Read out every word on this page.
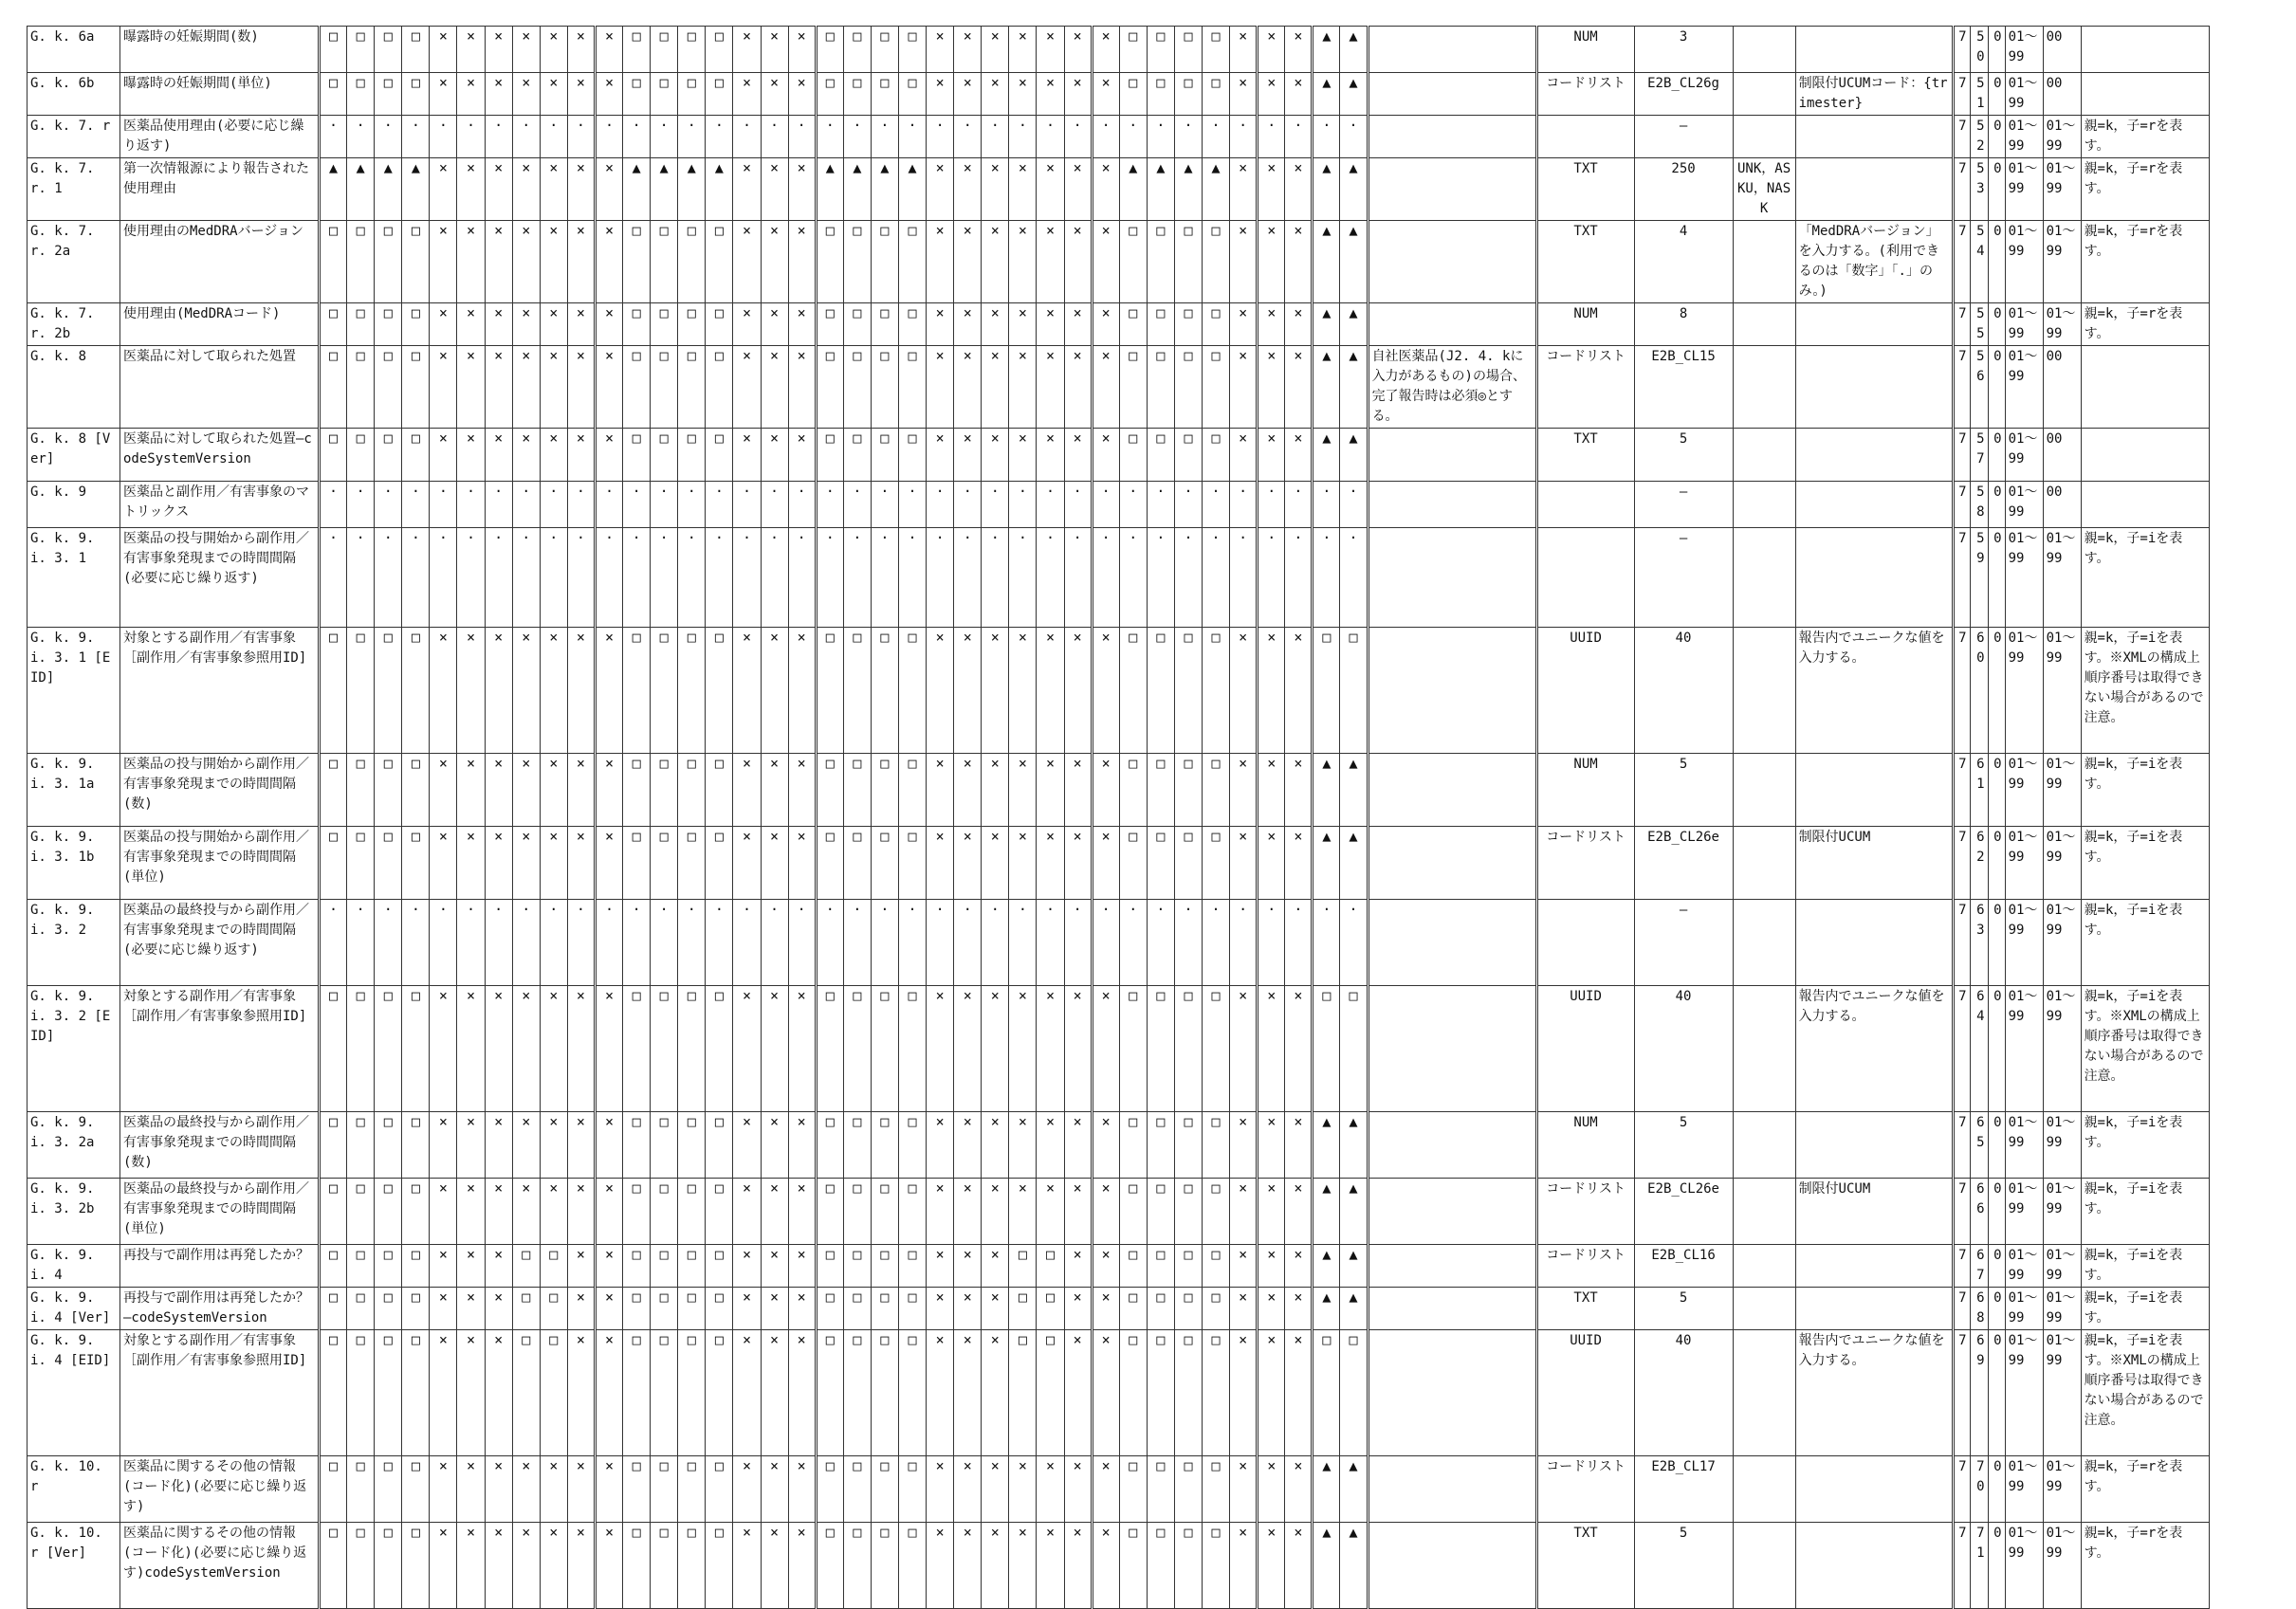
G. k. 6a	曝露時の妊娠期間(数)	□	□	□	□	×	×	×	×	×	×	×	□	□	□	□	×	×	×	□	□	□	□	×	×	×	×	×	×	×	□	□	□	□	×	×	×	▲	▲		NUM	3			7	50	0	01～99	00	
G. k. 6b	曝露時の妊娠期間(単位)	□	□	□	□	×	×	×	×	×	×	×	□	□	□	□	×	×	×	□	□	□	□	×	×	×	×	×	×	×	□	□	□	□	×	×	×	▲	▲		コードリスト	E2B_CL26g		制限付UCUMコード：{trimester}	7	51	0	01～99	00	
G. k. 7. r	医薬品使用理由(必要に応じ繰り返す)	·	·	·	·	·	·	·	·	·	·	·	·	·	·	·	·	·	·	·	·	·	·	·	·	·	·	·	·	·	·	·	·	·	·	·	·	·	·			—			7	52	0	01～99	01～99	親=k，子=rを表す。
G. k. 7. r. 1	第一次情報源により報告された使用理由	▲	▲	▲	▲	×	×	×	×	×	×	×	▲	▲	▲	▲	×	×	×	▲	▲	▲	▲	×	×	×	×	×	×	×	▲	▲	▲	▲	×	×	×	▲	▲		TXT	250	UNK，ASKU，NASK		7	53	0	01～99	01～99	親=k，子=rを表す。
G. k. 7. r. 2a	使用理由のMedDRAバージョン	□	□	□	□	×	×	×	×	×	×	×	□	□	□	□	×	×	×	□	□	□	□	×	×	×	×	×	×	×	□	□	□	□	×	×	×	▲	▲		TXT	4		「MedDRAバージョン」を入力する。(利用できるのは「数字」「.」のみ。)	7	54	0	01～99	01～99	親=k，子=rを表す。
G. k. 7. r. 2b	使用理由(MedDRAコード)	□	□	□	□	×	×	×	×	×	×	×	□	□	□	□	×	×	×	□	□	□	□	×	×	×	×	×	×	×	□	□	□	□	×	×	×	▲	▲		NUM	8			7	55	0	01～99	01～99	親=k，子=rを表す。
G. k. 8	医薬品に対して取られた処置	□	□	□	□	×	×	×	×	×	×	×	□	□	□	□	×	×	×	□	□	□	□	×	×	×	×	×	×	×	□	□	□	□	×	×	×	▲	▲	自社医薬品(J2. 4. kに入力があるもの)の場合、完了報告時は必須◎とする。	コードリスト	E2B_CL15			7	56	0	01～99	00	
G. k. 8 [Ver]	医薬品に対して取られた処置—codeSystemVersion	□	□	□	□	×	×	×	×	×	×	×	□	□	□	□	×	×	×	□	□	□	□	×	×	×	×	×	×	×	□	□	□	□	×	×	×	▲	▲		TXT	5			7	57	0	01～99	00	
G. k. 9	医薬品と副作用／有害事象のマトリックス	·	·	·	·	·	·	·	·	·	·	·	·	·	·	·	·	·	·	·	·	·	·	·	·	·	·	·	·	·	·	·	·	·	·	·	·	·	·			—			7	58	0	01～99	00	
G. k. 9. i. 3. 1	医薬品の投与開始から副作用／有害事象発現までの時間間隔(必要に応じ繰り返す)	·	·	·	·	·	·	·	·	·	·	·	·	·	·	·	·	·	·	·	·	·	·	·	·	·	·	·	·	·	·	·	·	·	·	·	·	·	·			—			7	59	0	01～99	01～99	親=k，子=iを表す。
G. k. 9. i. 3. 1 [EID]	対象とする副作用／有害事象［副作用／有害事象参照用ID]	□	□	□	□	×	×	×	×	×	×	×	□	□	□	□	×	×	×	□	□	□	□	×	×	×	×	×	×	×	□	□	□	□	×	×	×	□	□		UUID	40		報告内でユニークな値を入力する。	7	60	0	01～99	01～99	親=k，子=iを表す。※XMLの構成上順序番号は取得できない場合があるので注意。
G. k. 9. i. 3. 1a	医薬品の投与開始から副作用／有害事象発現までの時間間隔(数)	□	□	□	□	×	×	×	×	×	×	×	□	□	□	□	×	×	×	□	□	□	□	×	×	×	×	×	×	×	□	□	□	□	×	×	×	▲	▲		NUM	5			7	61	0	01～99	01～99	親=k，子=iを表す。
G. k. 9. i. 3. 1b	医薬品の投与開始から副作用／有害事象発現までの時間間隔(単位)	□	□	□	□	×	×	×	×	×	×	×	□	□	□	□	×	×	×	□	□	□	□	×	×	×	×	×	×	×	□	□	□	□	×	×	×	▲	▲		コードリスト	E2B_CL26e		制限付UCUM	7	62	0	01～99	01～99	親=k，子=iを表す。
G. k. 9. i. 3. 2	医薬品の最終投与から副作用／有害事象発現までの時間間隔(必要に応じ繰り返す)	·	·	·	·	·	·	·	·	·	·	·	·	·	·	·	·	·	·	·	·	·	·	·	·	·	·	·	·	·	·	·	·	·	·	·	·	·	·			—			7	63	0	01～99	01～99	親=k，子=iを表す。
G. k. 9. i. 3. 2 [EID]	対象とする副作用／有害事象［副作用／有害事象参照用ID]	□	□	□	□	×	×	×	×	×	×	×	□	□	□	□	×	×	×	□	□	□	□	×	×	×	×	×	×	×	□	□	□	□	×	×	×	□	□		UUID	40		報告内でユニークな値を入力する。	7	64	0	01～99	01～99	親=k，子=iを表す。※XMLの構成上順序番号は取得できない場合があるので注意。
G. k. 9. i. 3. 2a	医薬品の最終投与から副作用／有害事象発現までの時間間隔(数)	□	□	□	□	×	×	×	×	×	×	×	□	□	□	□	×	×	×	□	□	□	□	×	×	×	×	×	×	×	□	□	□	□	×	×	×	▲	▲		NUM	5			7	65	0	01～99	01～99	親=k，子=iを表す。
G. k. 9. i. 3. 2b	医薬品の最終投与から副作用／有害事象発現までの時間間隔(単位)	□	□	□	□	×	×	×	×	×	×	×	□	□	□	□	×	×	×	□	□	□	□	×	×	×	×	×	×	×	□	□	□	□	×	×	×	▲	▲		コードリスト	E2B_CL26e		制限付UCUM	7	66	0	01～99	01～99	親=k，子=iを表す。
G. k. 9. i. 4	再投与で副作用は再発したか？	□	□	□	□	×	×	×	□	□	×	×	□	□	□	□	×	×	×	□	□	□	□	×	×	×	□	□	×	×	□	□	□	□	×	×	×	▲	▲		コードリスト	E2B_CL16			7	67	0	01～99	01～99	親=k，子=iを表す。
G. k. 9. i. 4 [Ver]	再投与で副作用は再発したか？—codeSystemVersion	□	□	□	□	×	×	×	□	□	×	×	□	□	□	□	×	×	×	□	□	□	□	×	×	×	□	□	×	×	□	□	□	□	×	×	×	▲	▲		TXT	5			7	68	0	01～99	01～99	親=k，子=iを表す。
G. k. 9. i. 4 [EID]	対象とする副作用／有害事象［副作用／有害事象参照用ID]	□	□	□	□	×	×	×	□	□	×	×	□	□	□	□	×	×	×	□	□	□	□	×	×	×	□	□	×	×	□	□	□	□	×	×	×	□	□		UUID	40		報告内でユニークな値を入力する。	7	69	0	01～99	01～99	親=k，子=iを表す。※XMLの構成上順序番号は取得できない場合があるので注意。
G. k. 10. r	医薬品に関するその他の情報(コード化)(必要に応じ繰り返す)	□	□	□	□	×	×	×	×	×	×	×	□	□	□	□	×	×	×	□	□	□	□	×	×	×	×	×	×	×	□	□	□	□	×	×	×	▲	▲		コードリスト	E2B_CL17			7	70	0	01～99	01～99	親=k，子=rを表す。
G. k. 10. r [Ver]	医薬品に関するその他の情報(コード化)(必要に応じ繰り返す)codeSystemVersion	□	□	□	□	×	×	×	×	×	×	×	□	□	□	□	×	×	×	□	□	□	□	×	×	×	×	×	×	×	□	□	□	□	×	×	×	▲	▲		TXT	5			7	71	0	01～99	01～99	親=k，子=rを表す。
